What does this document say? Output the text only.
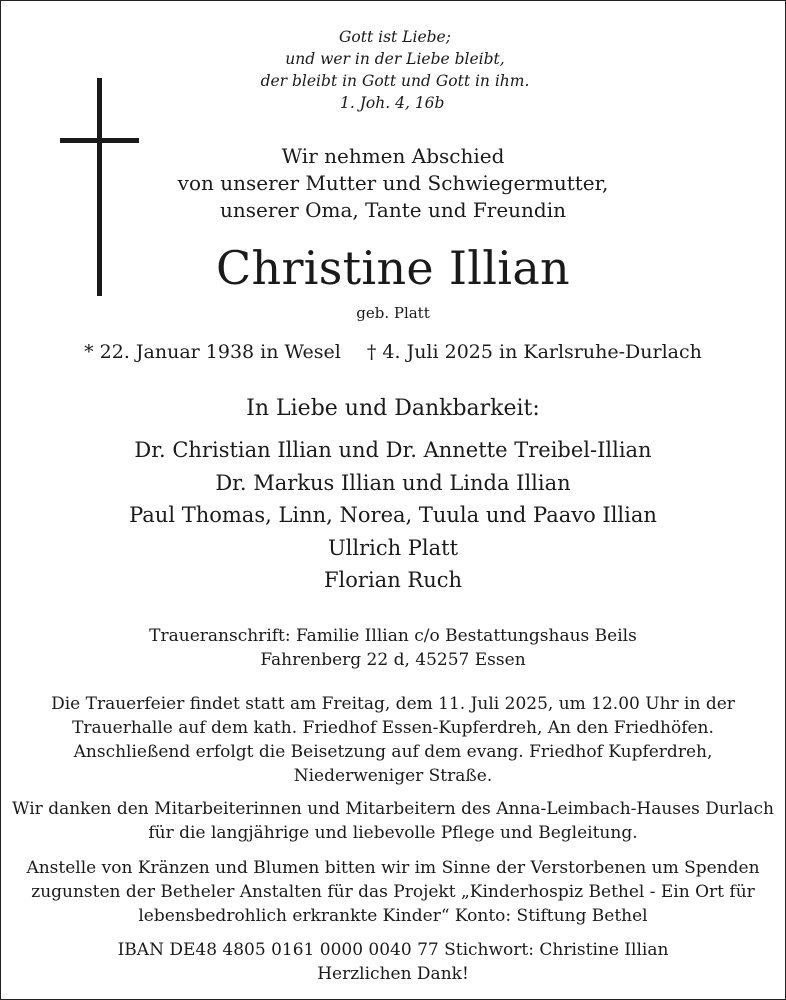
Gott ist Liebe;
und wer in der Liebe bleibt,
der bleibt in Gott und Gott in ihm.
1. Joh. 4, 16b
Wir nehmen Abschied
von unserer Mutter und Schwiegermutter,
unserer Oma, Tante und Freundin
Christine Illian
geb. Platt
* 22. Januar 1938 in Wesel † 4. Juli 2025 in Karlsruhe-Durlach
In Liebe und Dankbarkeit:
Dr. Christian Illian und Dr. Annette Treibel-Illian
Dr. Markus Illian und Linda Illian
Paul Thomas, Linn, Norea, Tuula und Paavo Illian
Ullrich Platt
Florian Ruch
Traueranschrift: Familie Illian c/o Bestattungshaus Beils
Fahrenberg 22 d, 45257 Essen
Die Trauerfeier findet statt am Freitag, dem 11. Juli 2025, um 12.00 Uhr in der
Trauerhalle auf dem kath. Friedhof Essen-Kupferdreh, An den Friedhöfen.
Anschließend erfolgt die Beisetzung auf dem evang. Friedhof Kupferdreh,
Niederweniger Straße.
Wir danken den Mitarbeiterinnen und Mitarbeitern des Anna-Leimbach-Hauses Durlach
für die langjährige und liebevolle Pflege und Begleitung.
Anstelle von Kränzen und Blumen bitten wir im Sinne der Verstorbenen um Spenden
zugunsten der Betheler Anstalten für das Projekt „Kinderhospiz Bethel - Ein Ort für
lebensbedrohlich erkrankte Kinder“ Konto: Stiftung Bethel
IBAN DE48 4805 0161 0000 0040 77 Stichwort: Christine Illian
Herzlichen Dank!
